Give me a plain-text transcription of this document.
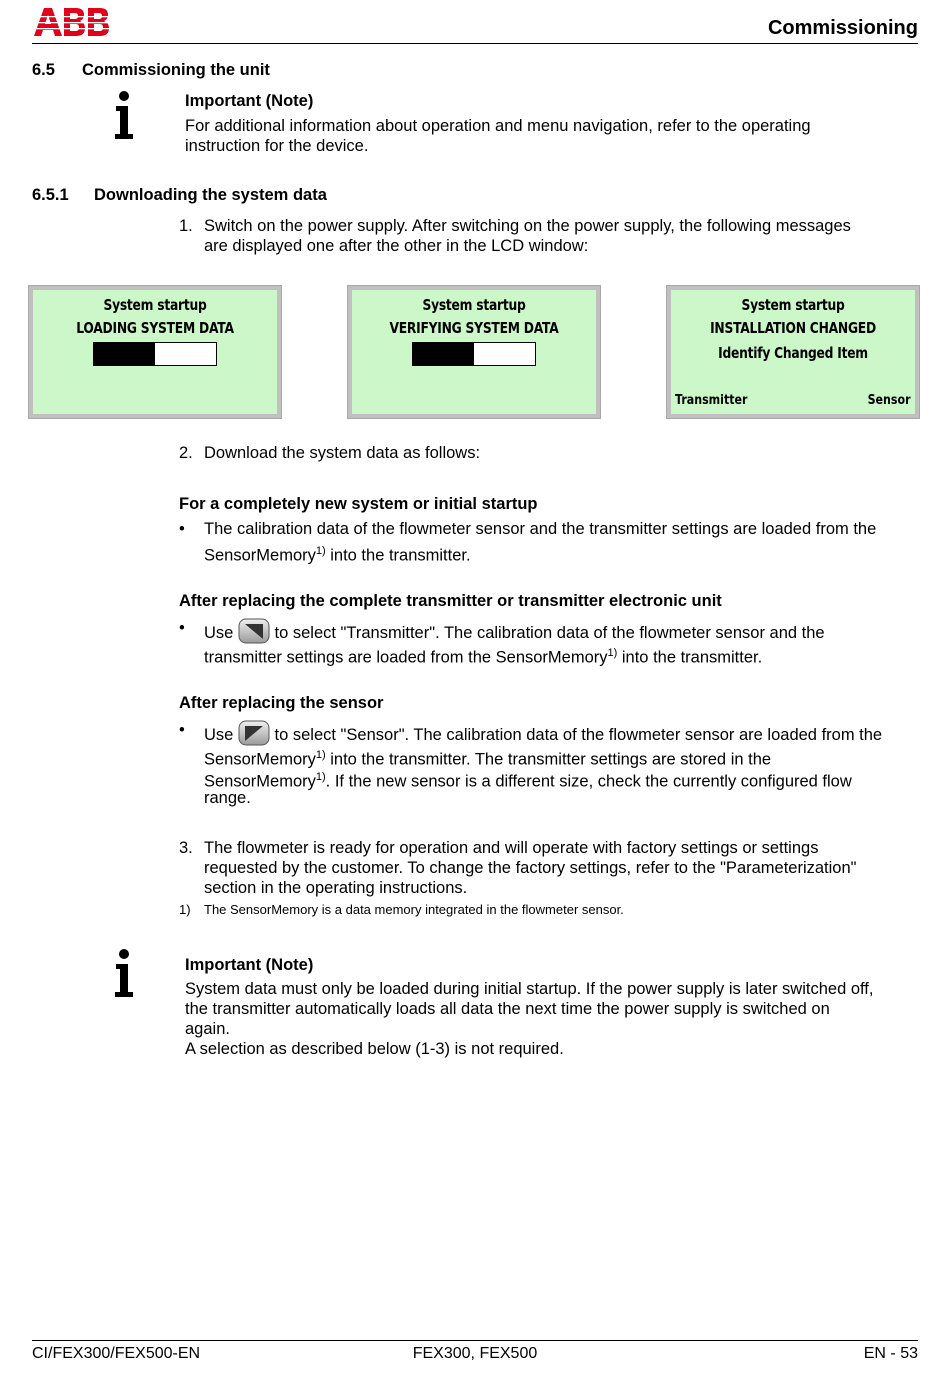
ABB
Commissioning
6.5 Commissioning the unit
Important (Note)
For additional information about operation and menu navigation, refer to the operating
instruction for the device.
6.5.1 Downloading the system data
1. Switch on the power supply. After switching on the power supply, the following messages
are displayed one after the other in the LCD window:
System startup
LOADING SYSTEM DATA
System startup
VERIFYING SYSTEM DATA
System startup
INSTALLATION CHANGED
Identify Changed Item
Transmitter	Sensor
2. Download the system data as follows:
For a completely new system or initial startup
• The calibration data of the flowmeter sensor and the transmitter settings are loaded from the
SensorMemory$^{1)}$ into the transmitter.
After replacing the complete transmitter or transmitter electronic unit
• Use  to select "Transmitter". The calibration data of the flowmeter sensor and the
transmitter settings are loaded from the SensorMemory$^{1)}$ into the transmitter.
After replacing the sensor
• Use  to select "Sensor". The calibration data of the flowmeter sensor are loaded from the
SensorMemory$^{1)}$ into the transmitter. The transmitter settings are stored in the
SensorMemory$^{1)}$. If the new sensor is a different size, check the currently configured flow
range.
3. The flowmeter is ready for operation and will operate with factory settings or settings
requested by the customer. To change the factory settings, refer to the "Parameterization"
section in the operating instructions.
1) The SensorMemory is a data memory integrated in the flowmeter sensor.
Important (Note)
System data must only be loaded during initial startup. If the power supply is later switched off,
the transmitter automatically loads all data the next time the power supply is switched on
again.
A selection as described below (1-3) is not required.
CI/FEX300/FEX500-EN	FEX300, FEX500	EN - 53
